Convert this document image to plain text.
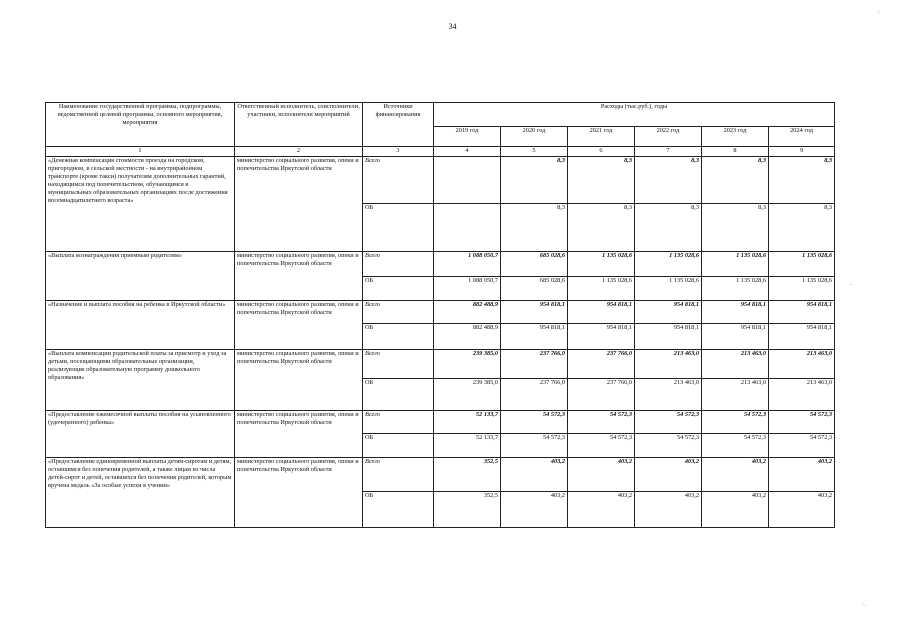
34
Наименование государственной программы, подпрограммы, ведомственной целевой программы, основного мероприятия, мероприятия	Ответственный исполнитель, соисполнители, участники, исполнители мероприятий	Источники финансирования	Расходы (тыс.руб.), годы					
			2019 год	2020 год	2021 год	2022 год	2023 год	2024 год
1	2	3	4	5	6	7	8	9
«Денежная компенсация стоимости проезда на городском, пригородном, в сельской местности - на внутрирайонном транспорте (кроме такси) получателям дополнительных гарантий, находящимся под попечительством, обучающимся в муниципальных образовательных организациях после достижения восемнадцатилетнего возраста»	министерство социального развития, опеки и попечительства Иркутской области	Всего		8,3	8,3	8,3	8,3	8,3
		ОБ		8,3	8,3	8,3	8,3	8,3
«Выплата вознаграждения приемным родителям»	министерство социального развития, опеки и попечительства Иркутской области	Всего	1 088 050,7	685 028,6	1 135 028,6	1 135 028,6	1 135 028,6	1 135 028,6
		ОБ	1 088 050,7	685 028,6	1 135 028,6	1 135 028,6	1 135 028,6	1 135 028,6
«Назначение и выплата пособия на ребенка в Иркутской области»	министерство социального развития, опеки и попечительства Иркутской области	Всего	882 488,9	954 818,1	954 818,1	954 818,1	954 818,1	954 818,1
		ОБ	882 488,9	954 818,1	954 818,1	954 818,1	954 818,1	954 818,1
«Выплата компенсации родительской платы за присмотр и уход за детьми, посещающими образовательные организации, реализующие образовательную программу дошкольного образования»	министерство социального развития, опеки и попечительства Иркутской области	Всего	239 385,0	237 766,0	237 766,0	213 463,0	213 463,0	213 463,0
		ОБ	239 385,0	237 766,0	237 766,0	213 463,0	213 463,0	213 463,0
«Предоставление ежемесячной выплаты пособия на усыновленного (удочеренного) ребенка»	министерство социального развития, опеки и попечительства Иркутской области	Всего	52 133,7	54 572,3	54 572,3	54 572,3	54 572,3	54 572,3
		ОБ	52 133,7	54 572,3	54 572,3	54 572,3	54 572,3	54 572,3
«Предоставление единовременной выплаты детям-сиротам и детям, оставшимся без попечения родителей, а также лицам из числа детей-сирот и детей, оставшихся без попечения родителей, которым вручена медаль «За особые успехи в учении»	министерство социального развития, опеки и попечительства Иркутской области	Всего	352,5	403,2	403,2	403,2	403,2	403,2
		ОБ	352,5	403,2	403,2	403,2	403,2	403,2
·:
-
·.
